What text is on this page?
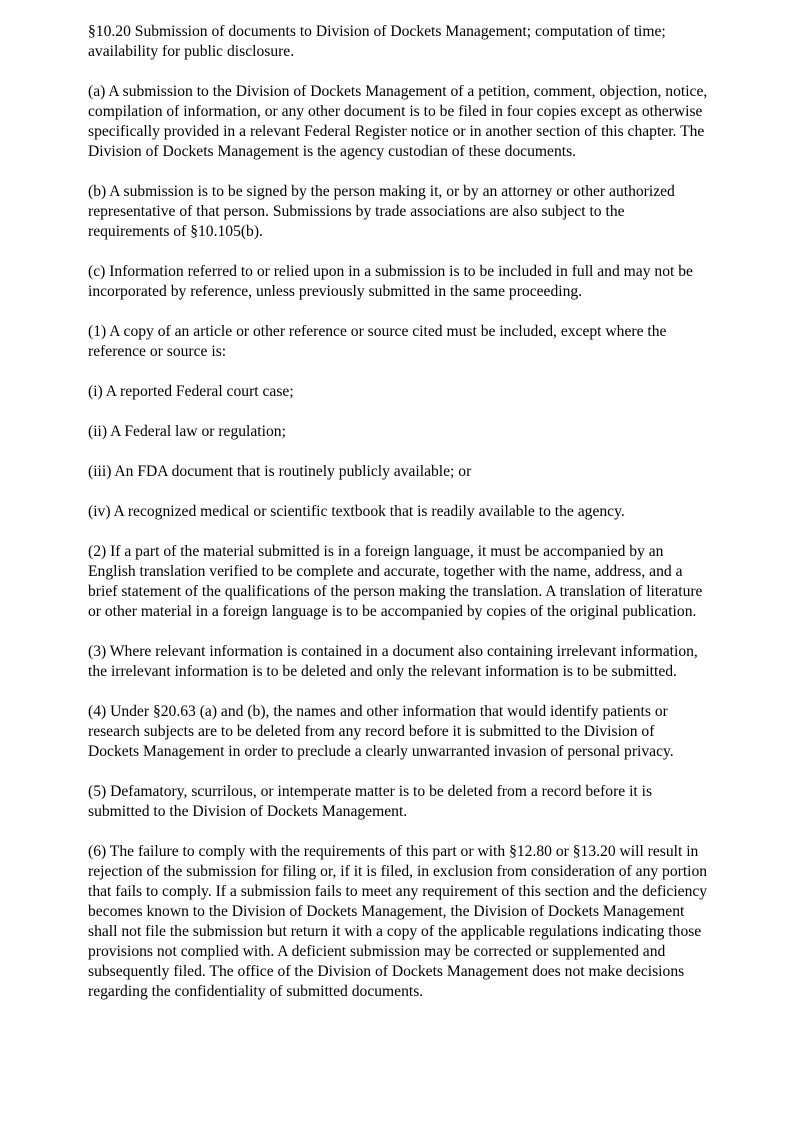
§10.20 Submission of documents to Division of Dockets Management; computation of time; availability for public disclosure.

(a) A submission to the Division of Dockets Management of a petition, comment, objection, notice, compilation of information, or any other document is to be filed in four copies except as otherwise specifically provided in a relevant Federal Register notice or in another section of this chapter. The Division of Dockets Management is the agency custodian of these documents.

(b) A submission is to be signed by the person making it, or by an attorney or other authorized representative of that person. Submissions by trade associations are also subject to the requirements of §10.105(b).

(c) Information referred to or relied upon in a submission is to be included in full and may not be incorporated by reference, unless previously submitted in the same proceeding.

(1) A copy of an article or other reference or source cited must be included, except where the reference or source is:

(i) A reported Federal court case;

(ii) A Federal law or regulation;

(iii) An FDA document that is routinely publicly available; or

(iv) A recognized medical or scientific textbook that is readily available to the agency.

(2) If a part of the material submitted is in a foreign language, it must be accompanied by an English translation verified to be complete and accurate, together with the name, address, and a brief statement of the qualifications of the person making the translation. A translation of literature or other material in a foreign language is to be accompanied by copies of the original publication.

(3) Where relevant information is contained in a document also containing irrelevant information, the irrelevant information is to be deleted and only the relevant information is to be submitted.

(4) Under §20.63 (a) and (b), the names and other information that would identify patients or research subjects are to be deleted from any record before it is submitted to the Division of Dockets Management in order to preclude a clearly unwarranted invasion of personal privacy.

(5) Defamatory, scurrilous, or intemperate matter is to be deleted from a record before it is submitted to the Division of Dockets Management.

(6) The failure to comply with the requirements of this part or with §12.80 or §13.20 will result in rejection of the submission for filing or, if it is filed, in exclusion from consideration of any portion that fails to comply. If a submission fails to meet any requirement of this section and the deficiency becomes known to the Division of Dockets Management, the Division of Dockets Management shall not file the submission but return it with a copy of the applicable regulations indicating those provisions not complied with. A deficient submission may be corrected or supplemented and subsequently filed. The office of the Division of Dockets Management does not make decisions regarding the confidentiality of submitted documents.
